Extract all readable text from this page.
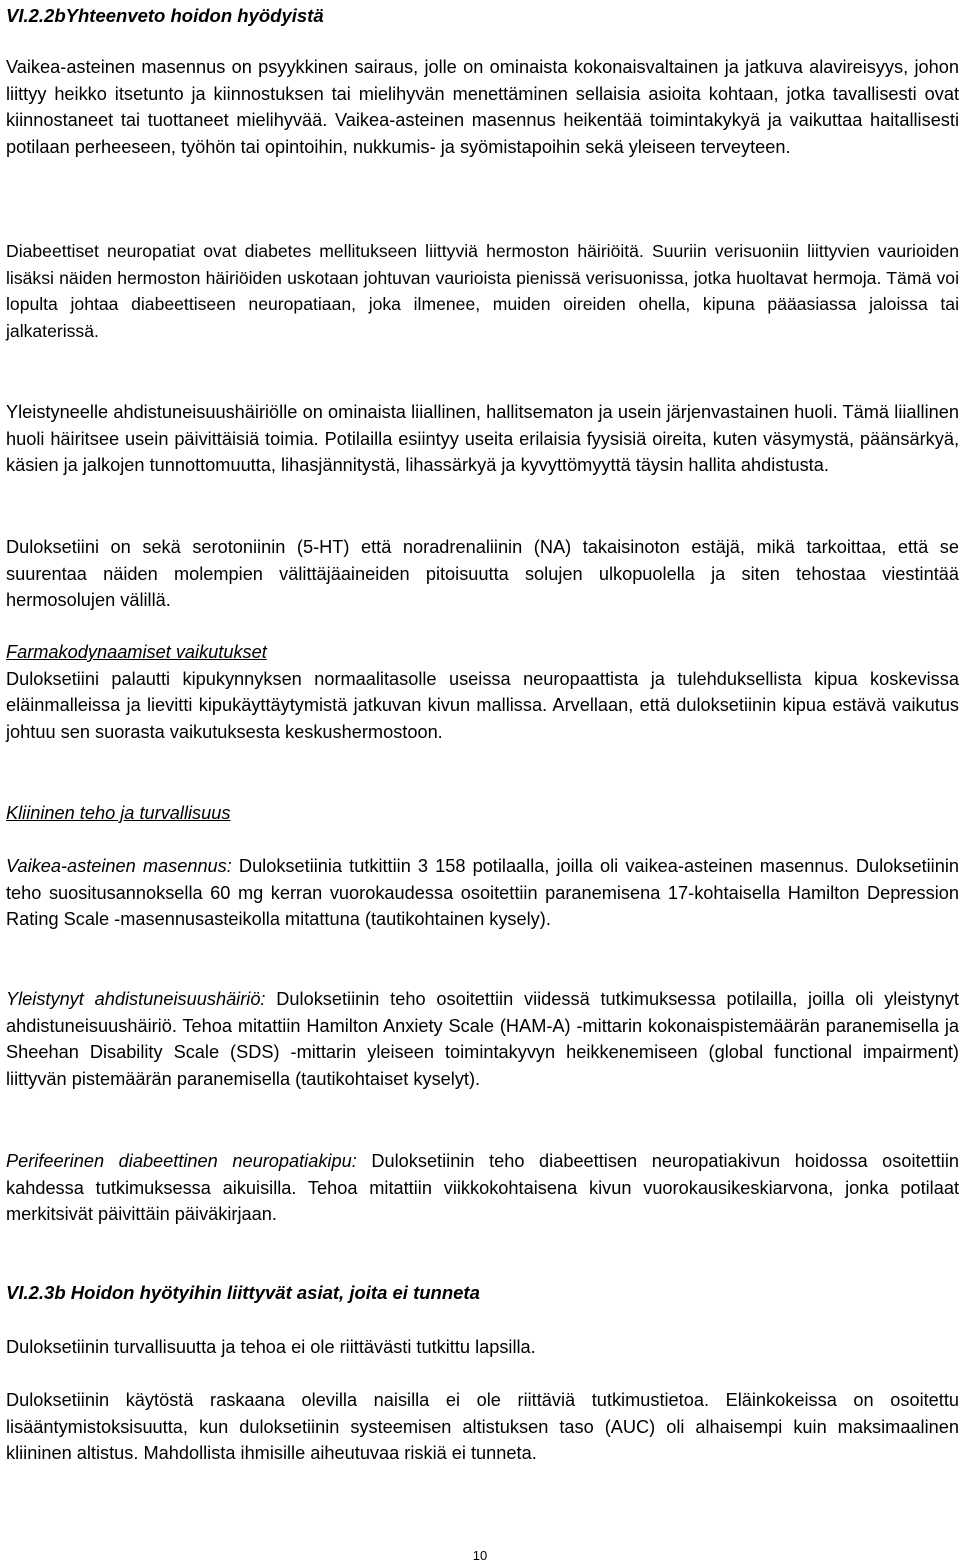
VI.2.2bYhteenveto hoidon hyödyistä

Vaikea-asteinen masennus on psyykkinen sairaus, jolle on ominaista kokonaisvaltainen ja jatkuva alavireisyys, johon liittyy heikko itsetunto ja kiinnostuksen tai mielihyvän menettäminen sellaisia asioita kohtaan, jotka tavallisesti ovat kiinnostaneet tai tuottaneet mielihyvää. Vaikea-asteinen masennus heikentää toimintakykyä ja vaikuttaa haitallisesti potilaan perheeseen, työhön tai opintoihin, nukkumis- ja syömistapoihin sekä yleiseen terveyteen.

Diabeettiset neuropatiat ovat diabetes mellitukseen liittyviä hermoston häiriöitä. Suuriin verisuoniin liittyvien vaurioiden lisäksi näiden hermoston häiriöiden uskotaan johtuvan vaurioista pienissä verisuonissa, jotka huoltavat hermoja. Tämä voi lopulta johtaa diabeettiseen neuropatiaan, joka ilmenee, muiden oireiden ohella, kipuna pääasiassa jaloissa tai jalkaterissä.

Yleistyneelle ahdistuneisuushäiriölle on ominaista liiallinen, hallitsematon ja usein järjenvastainen huoli. Tämä liiallinen huoli häiritsee usein päivittäisiä toimia. Potilailla esiintyy useita erilaisia fyysisiä oireita, kuten väsymystä, päänsärkyä, käsien ja jalkojen tunnottomuutta, lihasjännitystä, lihassärkyä ja kyvyttömyyttä täysin hallita ahdistusta.

Duloksetiini on sekä serotoniinin (5-HT) että noradrenaliinin (NA) takaisinoton estäjä, mikä tarkoittaa, että se suurentaa näiden molempien välittäjäaineiden pitoisuutta solujen ulkopuolella ja siten tehostaa viestintää hermosolujen välillä.

Farmakodynaamiset vaikutukset
Duloksetiini palautti kipukynnyksen normaalitasolle useissa neuropaattista ja tulehduksellista kipua koskevissa eläinmalleissa ja lievitti kipukäyttäytymistä jatkuvan kivun mallissa. Arvellaan, että duloksetiinin kipua estävä vaikutus johtuu sen suorasta vaikutuksesta keskushermostoon.

Kliininen teho ja turvallisuus

Vaikea-asteinen masennus: Duloksetiinia tutkittiin 3 158 potilaalla, joilla oli vaikea-asteinen masennus. Duloksetiinin teho suositusannoksella 60 mg kerran vuorokaudessa osoitettiin paranemisena 17-kohtaisella Hamilton Depression Rating Scale -masennusasteikolla mitattuna (tautikohtainen kysely).

Yleistynyt ahdistuneisuushäiriö: Duloksetiinin teho osoitettiin viidessä tutkimuksessa potilailla, joilla oli yleistynyt ahdistuneisuushäiriö. Tehoa mitattiin Hamilton Anxiety Scale (HAM-A) -mittarin kokonaispistemäärän paranemisella ja Sheehan Disability Scale (SDS) -mittarin yleiseen toimintakyvyn heikkenemiseen (global functional impairment) liittyvän pistemäärän paranemisella (tautikohtaiset kyselyt).

Perifeerinen diabeettinen neuropatiakipu: Duloksetiinin teho diabeettisen neuropatiakivun hoidossa osoitettiin kahdessa tutkimuksessa aikuisilla. Tehoa mitattiin viikkokohtaisena kivun vuorokausikeskiarvona, jonka potilaat merkitsivät päivittäin päiväkirjaan.

VI.2.3b Hoidon hyötyihin liittyvät asiat, joita ei tunneta

Duloksetiinin turvallisuutta ja tehoa ei ole riittävästi tutkittu lapsilla.

Duloksetiinin käytöstä raskaana olevilla naisilla ei ole riittäviä tutkimustietoa. Eläinkokeissa on osoitettu lisääntymistoksisuutta, kun duloksetiinin systeemisen altistuksen taso (AUC) oli alhaisempi kuin maksimaalinen kliininen altistus. Mahdollista ihmisille aiheutuvaa riskiä ei tunneta.

10
